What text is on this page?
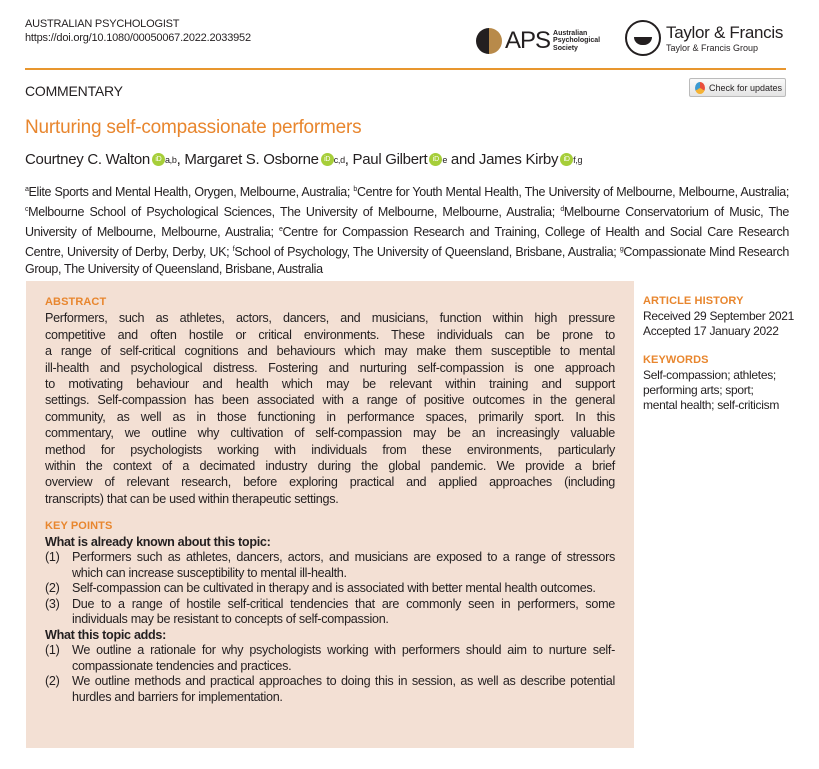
AUSTRALIAN PSYCHOLOGIST
https://doi.org/10.1080/00050067.2022.2033952	APS Australian
Psychological
Society
Taylor & Francis
Taylor & Francis Group
COMMENTARY	Check for updates
Nurturing self-compassionate performers
Courtney C. Walton iD a,b , Margaret S. Osborne iD c,d , Paul Gilbert iD e and James Kirby iD f,g
$^a$Elite Sports and Mental Health, Orygen, Melbourne, Australia; $^b$Centre for Youth Mental Health, The University of Melbourne, Melbourne, Australia; $^c$Melbourne School of Psychological Sciences, The University of Melbourne, Melbourne, Australia; $^d$Melbourne Conservatorium of Music, The University of Melbourne, Melbourne, Australia; $^e$Centre for Compassion Research and Training, College of Health and Social Care Research Centre, University of Derby, Derby, UK; $^f$School of Psychology, The University of Queensland, Brisbane, Australia; $^g$Compassionate Mind Research Group, The University of Queensland, Brisbane, Australia
ABSTRACT
Performers, such as athletes, actors, dancers, and musicians, function within high pressure
competitive and often hostile or critical environments. These individuals can be prone to
a range of self-critical cognitions and behaviours which may make them susceptible to mental
ill-health and psychological distress. Fostering and nurturing self-compassion is one approach
to motivating behaviour and health which may be relevant within training and support
settings. Self-compassion has been associated with a range of positive outcomes in the general
community, as well as in those functioning in performance spaces, primarily sport. In this
commentary, we outline why cultivation of self-compassion may be an increasingly valuable
method for psychologists working with individuals from these environments, particularly
within the context of a decimated industry during the global pandemic. We provide a brief
overview of relevant research, before exploring practical and applied approaches (including
transcripts) that can be used within therapeutic settings.
KEY POINTS
What is already known about this topic:
(1) Performers such as athletes, dancers, actors, and musicians are exposed to a range of stressors which can increase susceptibility to mental ill-health.
(2) Self-compassion can be cultivated in therapy and is associated with better mental health outcomes.
(3) Due to a range of hostile self-critical tendencies that are commonly seen in performers, some individuals may be resistant to concepts of self-compassion.
What this topic adds:
(1) We outline a rationale for why psychologists working with performers should aim to nurture self-compassionate tendencies and practices.
(2) We outline methods and practical approaches to doing this in session, as well as describe potential hurdles and barriers for implementation.
ARTICLE HISTORY
Received 29 September 2021
Accepted 17 January 2022
KEYWORDS
Self-compassion; athletes;
performing arts; sport;
mental health; self-criticism
